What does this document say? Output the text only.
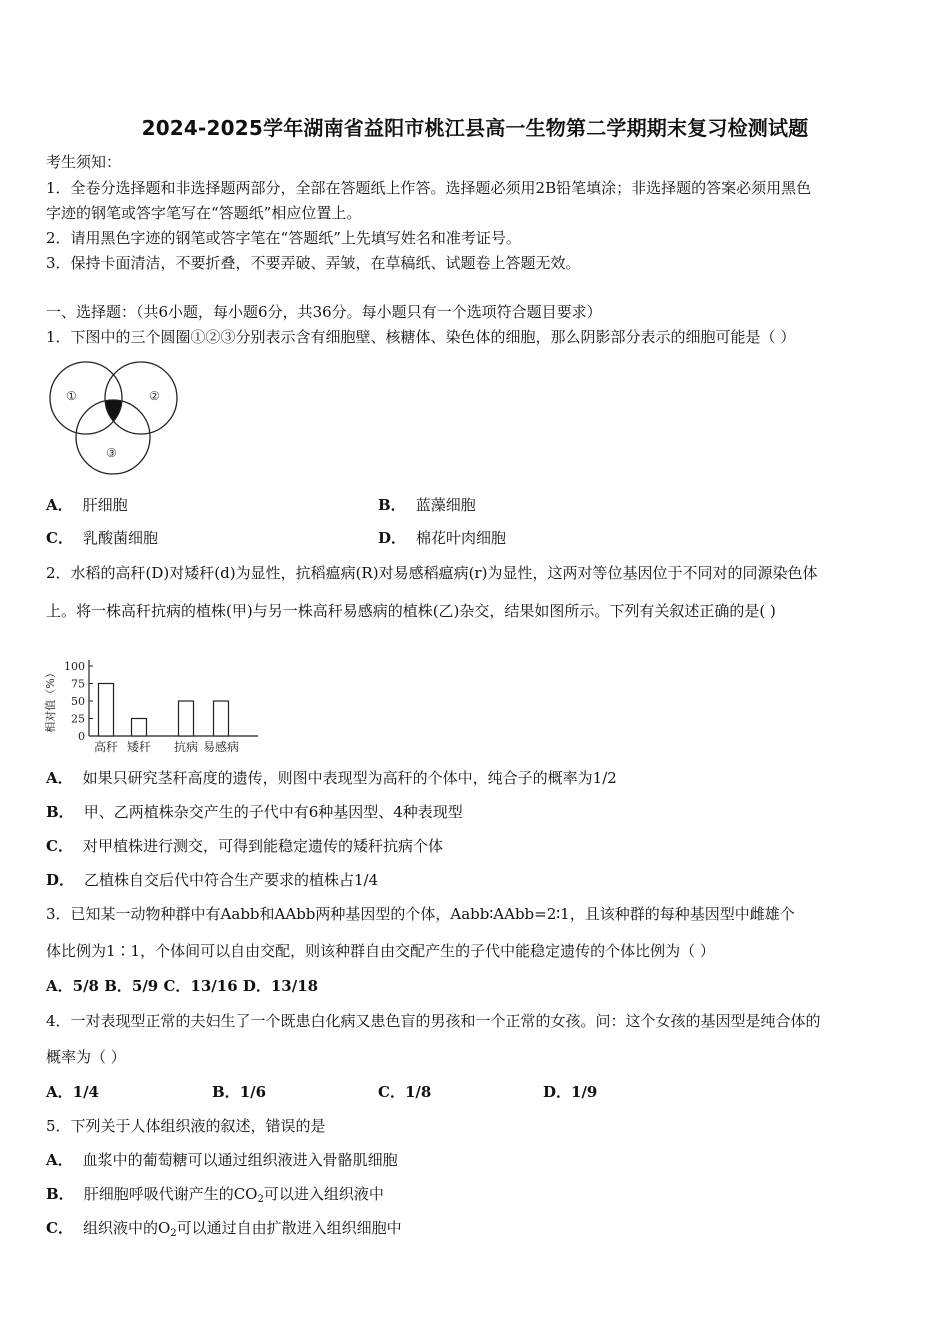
2024-2025学年湖南省益阳市桃江县高一生物第二学期期末复习检测试题
考生须知：
1．全卷分选择题和非选择题两部分，全部在答题纸上作答。选择题必须用2B铅笔填涂；非选择题的答案必须用黑色
字迹的钢笔或答字笔写在“答题纸”相应位置上。
2．请用黑色字迹的钢笔或答字笔在“答题纸”上先填写姓名和准考证号。
3．保持卡面清洁，不要折叠，不要弄破、弄皱，在草稿纸、试题卷上答题无效。
一、选择题：（共6小题，每小题6分，共36分。每小题只有一个选项符合题目要求）
1．下图中的三个圆圈①②③分别表示含有细胞壁、核糖体、染色体的细胞，那么阴影部分表示的细胞可能是（ ）
①	②
③
A． 肝细胞	B． 蓝藻细胞
C． 乳酸菌细胞	D． 棉花叶肉细胞
2．水稻的高秆(D)对矮秆(d)为显性，抗稻瘟病(R)对易感稻瘟病(r)为显性，这两对等位基因位于不同对的同源染色体
上。将一株高秆抗病的植株(甲)与另一株高秆易感病的植株(乙)杂交，结果如图所示。下列有关叙述正确的是( )
0
25
50
75
100
相对值（%）
高秆 矮秆 抗病 易感病
A． 如果只研究茎秆高度的遗传，则图中表现型为高秆的个体中，纯合子的概率为1/2
B． 甲、乙两植株杂交产生的子代中有6种基因型、4种表现型
C． 对甲植株进行测交，可得到能稳定遗传的矮秆抗病个体
D． 乙植株自交后代中符合生产要求的植株占1/4
3．已知某一动物种群中有Aabb和AAbb两种基因型的个体，Aabb∶AAbb=2∶1，且该种群的每种基因型中雌雄个
体比例为1∶1，个体间可以自由交配，则该种群自由交配产生的子代中能稳定遗传的个体比例为（ ）
A．5/8 B．5/9 C．13/16 D．13/18
4．一对表现型正常的夫妇生了一个既患白化病又患色盲的男孩和一个正常的女孩。问：这个女孩的基因型是纯合体的
概率为（ ）
A．1/4	B．1/6	C．1/8	D．1/9
5．下列关于人体组织液的叙述，错误的是
A． 血浆中的葡萄糖可以通过组织液进入骨骼肌细胞
B． 肝细胞呼吸代谢产生的$CO_2$可以进入组织液中
C． 组织液中的$O_2$可以通过自由扩散进入组织细胞中
